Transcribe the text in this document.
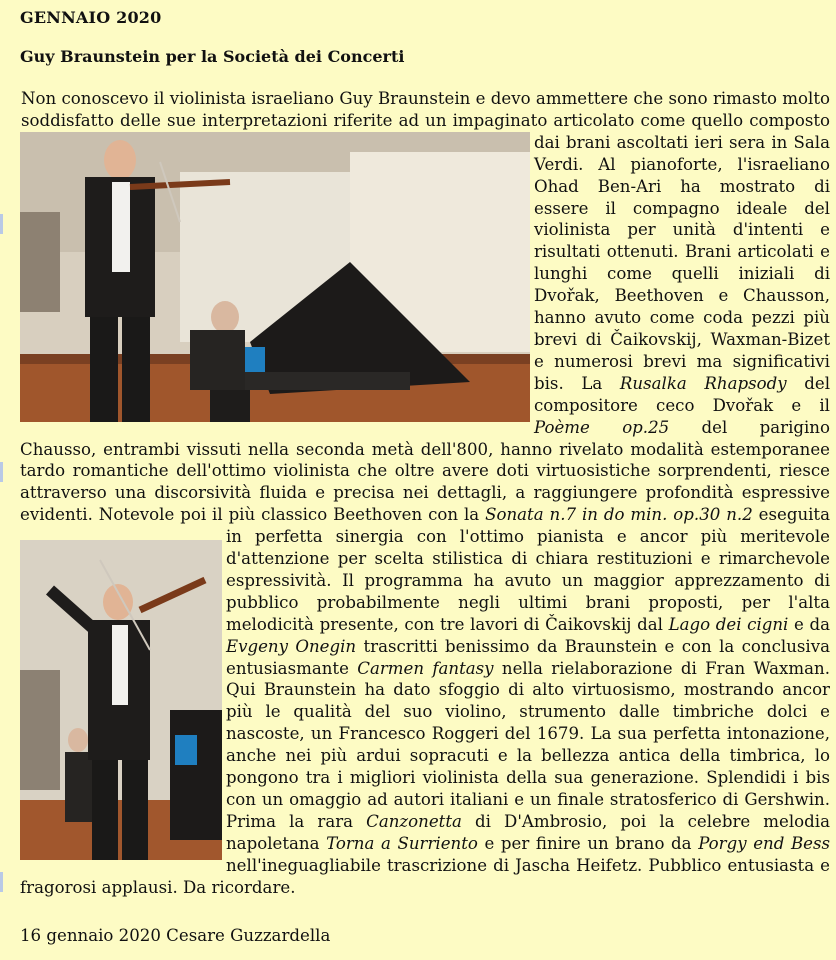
GENNAIO 2020
Guy Braunstein per la Società dei Concerti
Non conoscevo il violinista israeliano Guy Braunstein e devo ammettere che sono rimasto molto soddisfatto delle sue interpretazioni riferite ad un impaginato articolato come quello composto dai brani ascoltati ieri sera in Sala Verdi. Al pianoforte, l'israeliano Ohad Ben-Ari ha mostrato di essere il compagno ideale del violinista per unità d'intenti e risultati ottenuti. Brani articolati e lunghi come quelli iniziali di Dvořak, Beethoven e Chausson, hanno avuto come coda pezzi più brevi di Čaikovskij, Waxman-Bizet e numerosi brevi ma significativi bis. La Rusalka Rhapsody del compositore ceco Dvořak e il Poème op.25 del parigino Chausso, entrambi vissuti nella seconda metà dell'800, hanno rivelato modalità estemporanee tardo romantiche dell'ottimo violinista che oltre avere doti virtuosistiche sorprendenti, riesce attraverso una discorsività fluida e precisa nei dettagli, a raggiungere profondità espressive evidenti. Notevole poi il più classico Beethoven con la Sonata n.7 in do min. op.30 n.2 eseguita in perfetta sinergia con l'ottimo pianista e ancor più meritevole d'attenzione per scelta stilistica di chiara restituzioni e rimarchevole espressività. Il programma ha avuto un maggior apprezzamento di pubblico probabilmente negli ultimi brani proposti, per l'alta melodicità presente, con tre lavori di Čaikovskij dal Lago dei cigni e da Evgeny Onegin trascritti benissimo da Braunstein e con la conclusiva entusiasmante Carmen fantasy nella rielaborazione di Fran Waxman. Qui Braunstein ha dato sfoggio di alto virtuosismo, mostrando ancor più le qualità del suo violino, strumento dalle timbriche dolci e nascoste, un Francesco Roggeri del 1679. La sua perfetta intonazione, anche nei più ardui sopracuti e la bellezza antica della timbrica, lo pongono tra i migliori violinista della sua generazione. Splendidi i bis con un omaggio ad autori italiani e un finale stratosferico di Gershwin. Prima la rara Canzonetta di D'Ambrosio, poi la celebre melodia napoletana Torna a Surriento e per finire un brano da Porgy end Bess nell'ineguagliabile trascrizione di Jascha Heifetz. Pubblico entusiasta e fragorosi applausi. Da ricordare.
16 gennaio 2020 Cesare Guzzardella
